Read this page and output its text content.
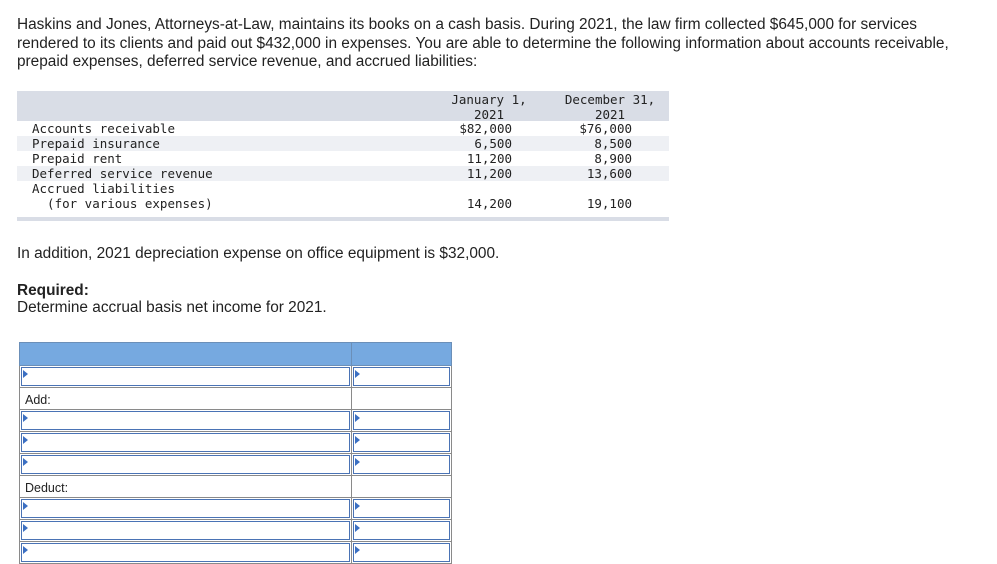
Haskins and Jones, Attorneys-at-Law, maintains its books on a cash basis. During 2021, the law firm collected $645,000 for services rendered to its clients and paid out $432,000 in expenses. You are able to determine the following information about accounts receivable, prepaid expenses, deferred service revenue, and accrued liabilities:
January 1,
2021
December 31,
2021
Accounts receivable	$82,000	$76,000
Prepaid insurance	6,500	8,500
Prepaid rent	11,200	8,900
Deferred service revenue	11,200	13,600
Accrued liabilities
(for various expenses)	14,200	19,100
In addition, 2021 depreciation expense on office equipment is $32,000.
Required:
Determine accrual basis net income for 2021.

Add:	

Deduct:	
